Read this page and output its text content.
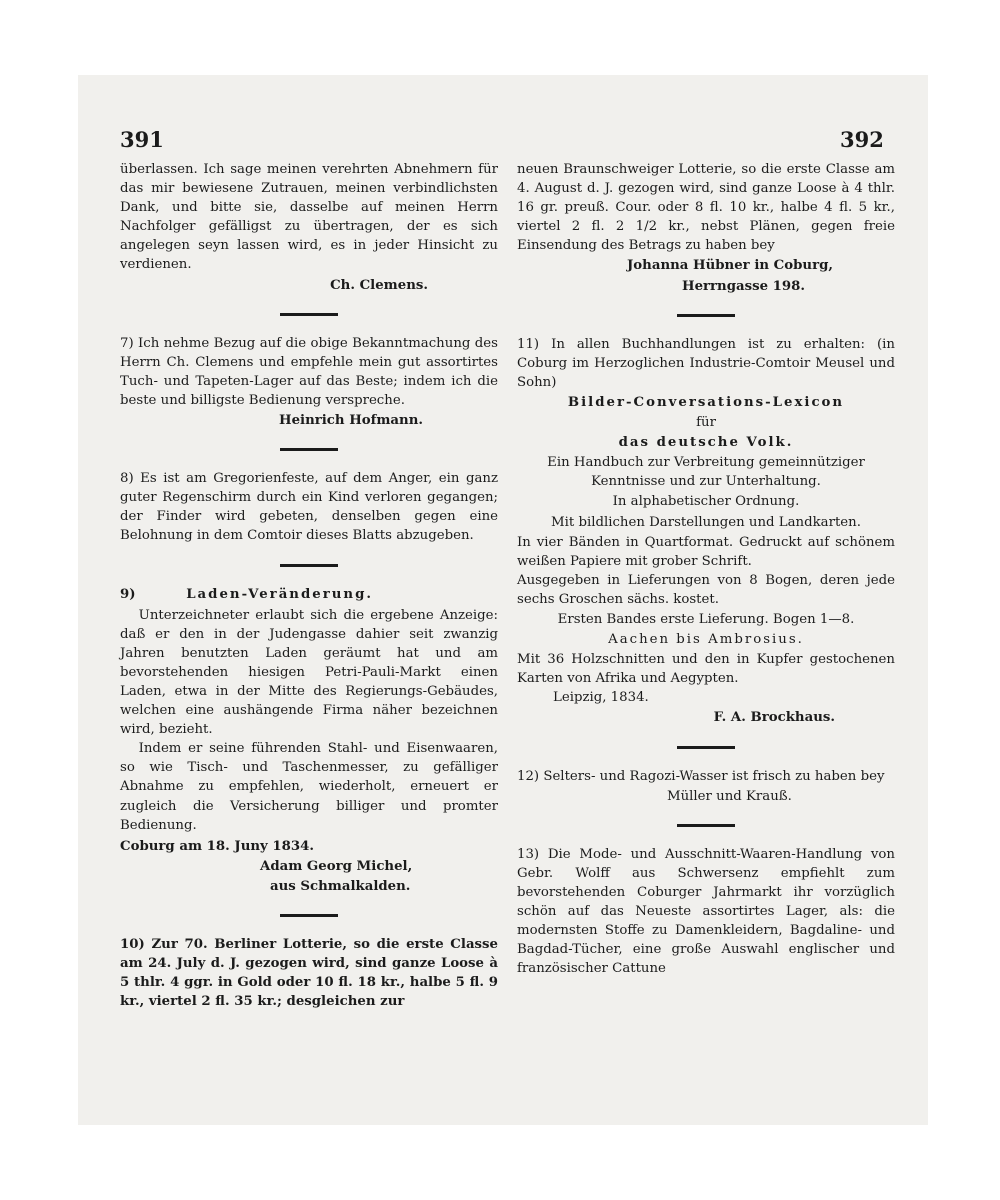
391	392

überlassen. Ich sage meinen verehrten Abnehmern für das mir bewiesene Zutrauen, meinen verbindlichsten Dank, und bitte sie, dasselbe auf meinen Herrn Nachfolger gefälligst zu übertragen, der es sich angelegen seyn lassen wird, es in jeder Hinsicht zu verdienen.

Ch. Clemens.

7) Ich nehme Bezug auf die obige Bekanntmachung des Herrn Ch. Clemens und empfehle mein gut assortirtes Tuch- und Tapeten-Lager auf das Beste; indem ich die beste und billigste Bedienung verspreche.

Heinrich Hofmann.

8) Es ist am Gregorienfeste, auf dem Anger, ein ganz guter Regenschirm durch ein Kind verloren gegangen; der Finder wird gebeten, denselben gegen eine Belohnung in dem Comtoir dieses Blatts abzugeben.

9)	Laden-Veränderung.

Unterzeichneter erlaubt sich die ergebene Anzeige: daß er den in der Judengasse dahier seit zwanzig Jahren benutzten Laden geräumt hat und am bevorstehenden hiesigen Petri-Pauli-Markt einen Laden, etwa in der Mitte des Regierungs-Gebäudes, welchen eine aushängende Firma näher bezeichnen wird, bezieht.

Indem er seine führenden Stahl- und Eisenwaaren, so wie Tisch- und Taschenmesser, zu gefälliger Abnahme zu empfehlen, wiederholt, erneuert er zugleich die Versicherung billiger und promter Bedienung.

Coburg am 18. Juny 1834.
Adam Georg Michel,
aus Schmalkalden.

10) Zur 70. Berliner Lotterie, so die erste Classe am 24. July d. J. gezogen wird, sind ganze Loose à 5 thlr. 4 ggr. in Gold oder 10 fl. 18 kr., halbe 5 fl. 9 kr., viertel 2 fl. 35 kr.; desgleichen zur

neuen Braunschweiger Lotterie, so die erste Classe am 4. August d. J. gezogen wird, sind ganze Loose à 4 thlr. 16 gr. preuß. Cour. oder 8 fl. 10 kr., halbe 4 fl. 5 kr., viertel 2 fl. 2 1/2 kr., nebst Plänen, gegen freie Einsendung des Betrags zu haben bey

Johanna Hübner in Coburg,
Herrngasse 198.

11) In allen Buchhandlungen ist zu erhalten: (in Coburg im Herzoglichen Industrie-Comtoir Meusel und Sohn)

Bilder-Conversations-Lexicon
für
das deutsche Volk.
Ein Handbuch zur Verbreitung gemeinnütziger Kenntnisse und zur Unterhaltung.
In alphabetischer Ordnung.
Mit bildlichen Darstellungen und Landkarten.

In vier Bänden in Quartformat. Gedruckt auf schönem weißen Papiere mit grober Schrift.

Ausgegeben in Lieferungen von 8 Bogen, deren jede sechs Groschen sächs. kostet.

Ersten Bandes erste Lieferung. Bogen 1—8.
Aachen bis Ambrosius.

Mit 36 Holzschnitten und den in Kupfer gestochenen Karten von Afrika und Aegypten.

Leipzig, 1834.
F. A. Brockhaus.

12) Selters- und Ragozi-Wasser ist frisch zu haben bey

Müller und Krauß.

13) Die Mode- und Ausschnitt-Waaren-Handlung von Gebr. Wolff aus Schwersenz empfiehlt zum bevorstehenden Coburger Jahrmarkt ihr vorzüglich schön auf das Neueste assortirtes Lager, als: die modernsten Stoffe zu Damenkleidern, Bagdaline- und Bagdad-Tücher, eine große Auswahl englischer und französischer Cattune
